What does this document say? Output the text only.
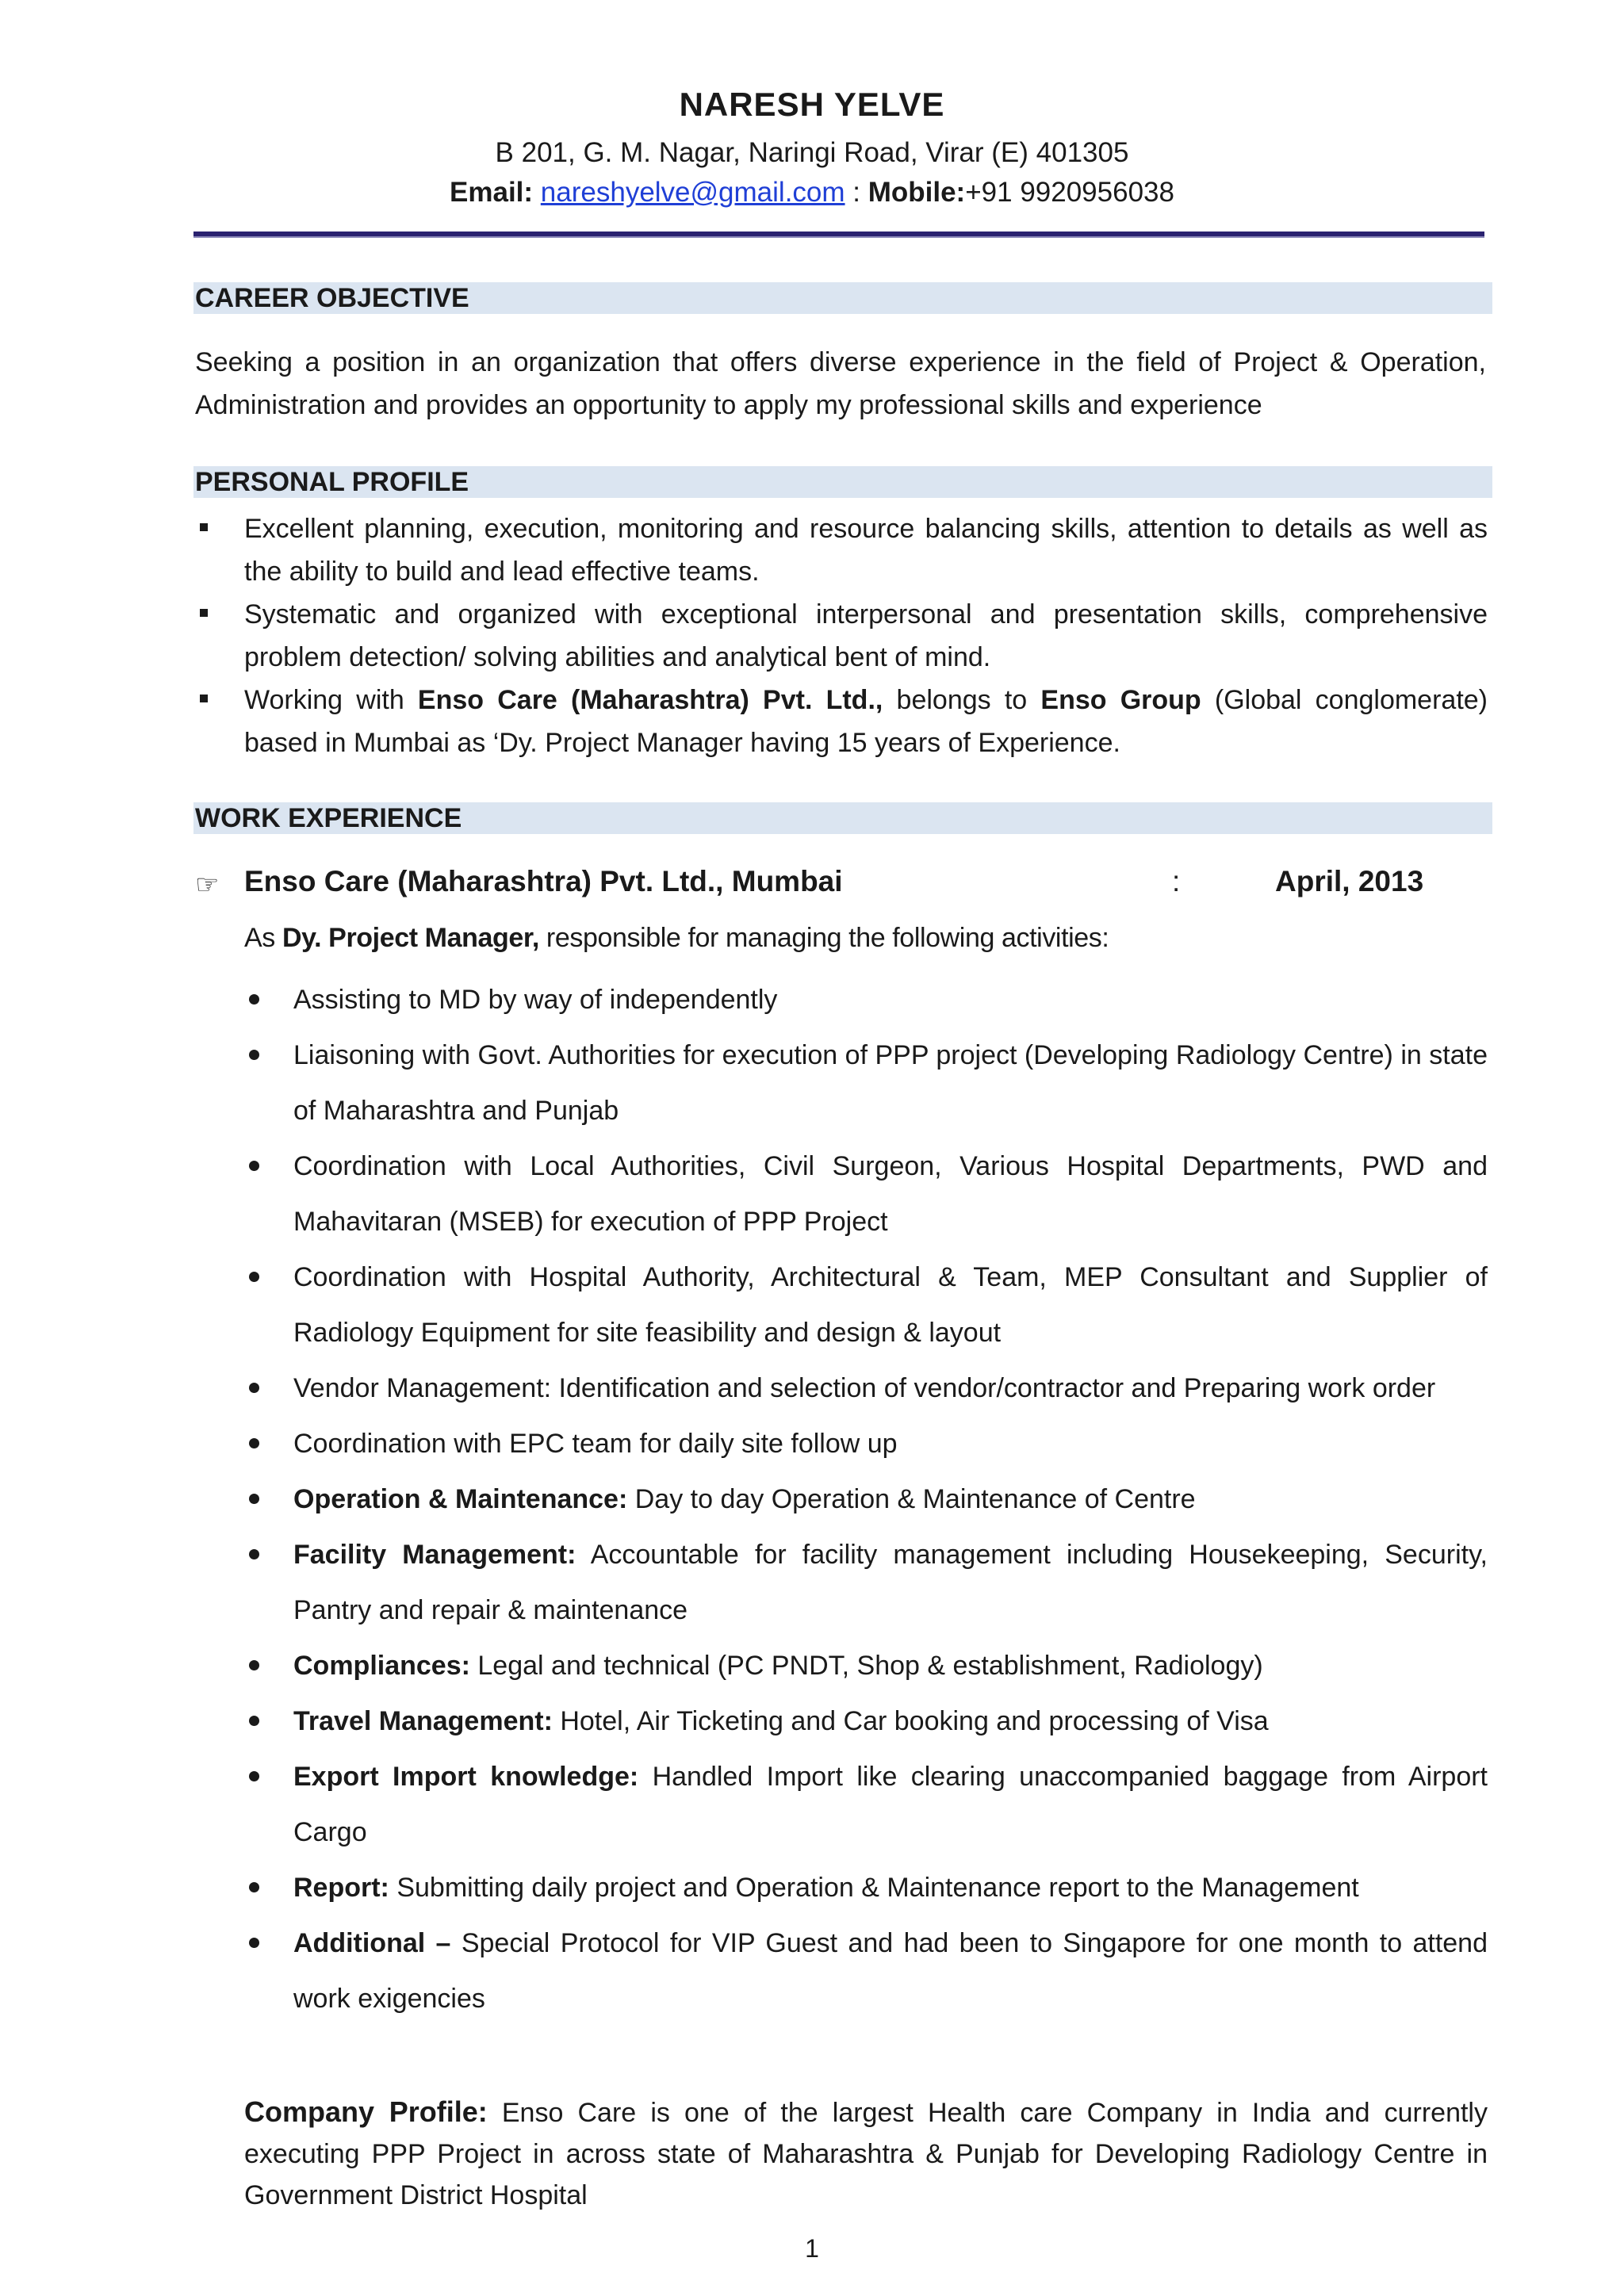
NARESH YELVE

B 201, G. M. Nagar, Naringi Road, Virar (E) 401305

Email: nareshyelve@gmail.com : Mobile:+91 9920956038

CAREER OBJECTIVE

Seeking a position in an organization that offers diverse experience in the field of Project & Operation, Administration and provides an opportunity to apply my professional skills and experience

PERSONAL PROFILE
Excellent planning, execution, monitoring and resource balancing skills, attention to details as well as the ability to build and lead effective teams.
Systematic and organized with exceptional interpersonal and presentation skills, comprehensive problem detection/ solving abilities and analytical bent of mind.
Working with Enso Care (Maharashtra) Pvt. Ltd., belongs to Enso Group (Global conglomerate) based in Mumbai as ‘Dy. Project Manager having 15 years of Experience.
WORK EXPERIENCE
☞ Enso Care (Maharashtra) Pvt. Ltd., Mumbai	:	April, 2013
As Dy. Project Manager, responsible for managing the following activities:
Assisting to MD by way of independently
Liaisoning with Govt. Authorities for execution of PPP project (Developing Radiology Centre) in state of Maharashtra and Punjab
Coordination with Local Authorities, Civil Surgeon, Various Hospital Departments, PWD and Mahavitaran (MSEB) for execution of PPP Project
Coordination with Hospital Authority, Architectural & Team, MEP Consultant and Supplier of Radiology Equipment for site feasibility and design & layout
Vendor Management: Identification and selection of vendor/contractor and Preparing work order
Coordination with EPC team for daily site follow up
Operation & Maintenance: Day to day Operation & Maintenance of Centre
Facility Management: Accountable for facility management including Housekeeping, Security, Pantry and repair & maintenance
Compliances: Legal and technical (PC PNDT, Shop & establishment, Radiology)
Travel Management: Hotel, Air Ticketing and Car booking and processing of Visa
Export Import knowledge: Handled Import like clearing unaccompanied baggage from Airport Cargo
Report: Submitting daily project and Operation & Maintenance report to the Management
Additional – Special Protocol for VIP Guest and had been to Singapore for one month to attend work exigencies

Company Profile: Enso Care is one of the largest Health care Company in India and currently executing PPP Project in across state of Maharashtra & Punjab for Developing Radiology Centre in Government District Hospital

1
